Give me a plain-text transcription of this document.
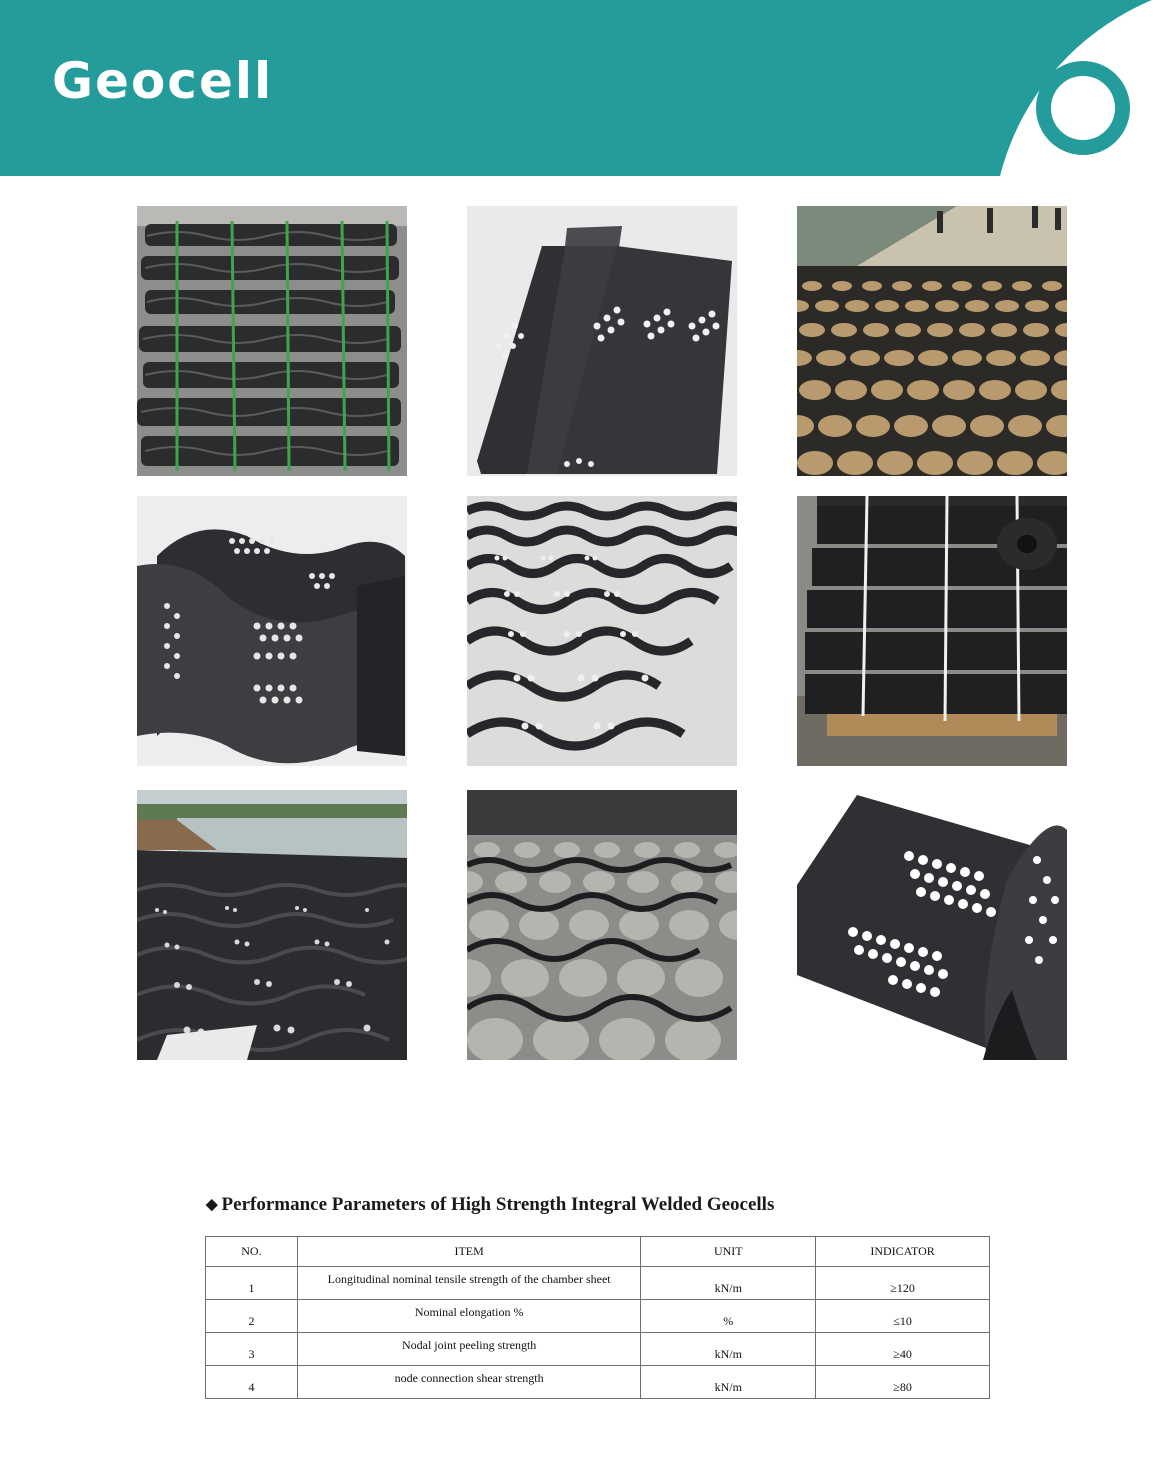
Geocell
◆ Performance Parameters of High Strength Integral Welded Geocells
NO.	ITEM	UNIT	INDICATOR
1	Longitudinal nominal tensile strength of the chamber sheet	kN/m	≥120
2	Nominal elongation %	%	≤10
3	Nodal joint peeling strength	kN/m	≥40
4	node connection shear strength	kN/m	≥80
